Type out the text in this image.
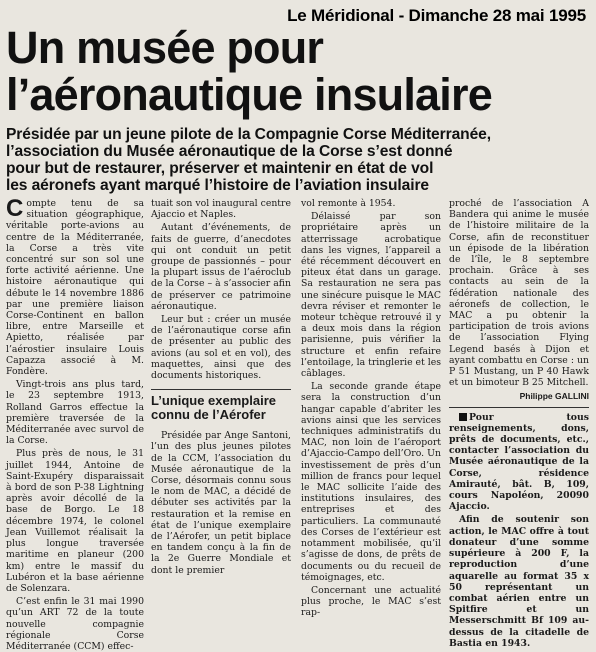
Le Méridional - Dimanche 28 mai 1995
Un musée pour
l’aéronautique insulaire
Présidée par un jeune pilote de la Compagnie Corse Méditerranée,
l’association du Musée aéronautique de la Corse s’est donné
pour but de restaurer, préserver et maintenir en état de vol
les aéronefs ayant marqué l’histoire de l’aviation insulaire

Compte tenu de sa situation géographique, véritable porte-avions au centre de la Méditerranée, la Corse a très vite concentré sur son sol une forte activité aérienne. Une histoire aéronautique qui débute le 14 novembre 1886 par une première liaison Corse-Continent en ballon libre, entre Marseille et Apietto, réalisée par l’aérostier insulaire Louis Capazza associé à M. Fondère.

Vingt-trois ans plus tard, le 23 septembre 1913, Rolland Garros effectue la première traversée de la Méditerranée avec survol de la Corse.

Plus près de nous, le 31 juillet 1944, Antoine de Saint-Exupéry disparaissait à bord de son P-38 Lightning après avoir décollé de la base de Borgo. Le 18 décembre 1974, le colonel Jean Vuillemot réalisait la plus longue traversée maritime en planeur (200 km) entre le massif du Lubéron et la base aérienne de Solenzara.

C’est enfin le 31 mai 1990 qu’un ART 72 de la toute nouvelle compagnie régionale Corse Méditerranée (CCM) effec-

tuait son vol inaugural centre Ajaccio et Naples.

Autant d’événements, de faits de guerre, d’anecdotes qui ont conduit un petit groupe de passionnés – pour la plupart issus de l’aéroclub de la Corse – à s’associer afin de préserver ce patrimoine aéronautique.

Leur but : créer un musée de l’aéronautique corse afin de présenter au public des avions (au sol et en vol), des maquettes, ainsi que des documents historiques.

L’unique exemplaire connu de l’Aérofer

Présidée par Ange Santoni, l’un des plus jeunes pilotes de la CCM, l’association du Musée aéronautique de la Corse, désormais connu sous le nom de MAC, a décidé de débuter ses activités par la restauration et la remise en état de l’unique exemplaire de l’Aérofer, un petit biplace en tandem conçu à la fin de la 2e Guerre Mondiale et dont le premier

vol remonte à 1954.

Délaissé par son propriétaire après un atterrissage acrobatique dans les vignes, l’appareil a été récemment découvert en piteux état dans un garage. Sa restauration ne sera pas une sinécure puisque le MAC devra réviser et remonter le moteur tchèque retrouvé il y a deux mois dans la région parisienne, puis vérifier la structure et enfin refaire l’entoilage, la tringlerie et les câblages.

La seconde grande étape sera la construction d’un hangar capable d’abriter les avions ainsi que les services techniques administratifs du MAC, non loin de l’aéroport d’Ajaccio-Campo dell’Oro. Un investissement de près d’un million de francs pour lequel le MAC sollicite l’aide des institutions insulaires, des entreprises et des particuliers. La communauté des Corses de l’extérieur est notamment mobilisée, qu’il s’agisse de dons, de prêts de documents ou du recueil de témoignages, etc.

Concernant une actualité plus proche, le MAC s’est rap-

proché de l’association A Bandera qui anime le musée de l’histoire militaire de la Corse, afin de reconstituer un épisode de la libération de l’île, le 8 septembre prochain. Grâce à ses contacts au sein de la fédération nationale des aéronefs de collection, le MAC a pu obtenir la participation de trois avions de l’association Flying Legend basés à Dijon et ayant combattu en Corse : un P 51 Mustang, un P 40 Hawk et un bimoteur B 25 Mitchell.

Philippe GALLINI

Pour tous renseignements, dons, prêts de documents, etc., contacter l’association du Musée aéronautique de la Corse, résidence Amirauté, bât. B, 109, cours Napoléon, 20090 Ajaccio.

Afin de soutenir son action, le MAC offre à tout donateur d’une somme supérieure à 200 F, la reproduction d’une aquarelle au format 35 x 50 représentant un combat aérien entre un Spitfire et un Messerschmitt Bf 109 au-dessus de la citadelle de Bastia en 1943.
